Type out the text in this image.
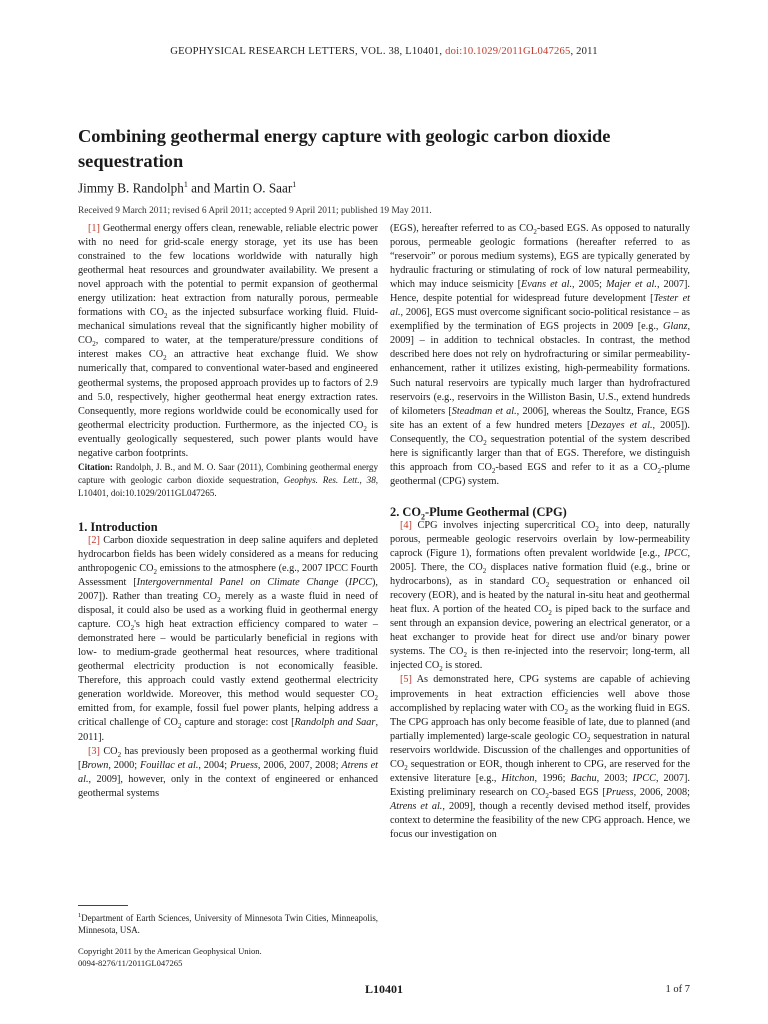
GEOPHYSICAL RESEARCH LETTERS, VOL. 38, L10401, doi:10.1029/2011GL047265, 2011
Combining geothermal energy capture with geologic carbon dioxide sequestration

Jimmy B. Randolph$^1$ and Martin O. Saar$^1$

Received 9 March 2011; revised 6 April 2011; accepted 9 April 2011; published 19 May 2011.

[1] Geothermal energy offers clean, renewable, reliable electric power with no need for grid-scale energy storage, yet its use has been constrained to the few locations worldwide with naturally high geothermal heat resources and groundwater availability. We present a novel approach with the potential to permit expansion of geothermal energy utilization: heat extraction from naturally porous, permeable formations with $CO_2$ as the injected subsurface working fluid. Fluid-mechanical simulations reveal that the significantly higher mobility of $CO_2$, compared to water, at the temperature/pressure conditions of interest makes $CO_2$ an attractive heat exchange fluid. We show numerically that, compared to conventional water-based and engineered geothermal systems, the proposed approach provides up to factors of 2.9 and 5.0, respectively, higher geothermal heat energy extraction rates. Consequently, more regions worldwide could be economically used for geothermal electricity production. Furthermore, as the injected $CO_2$ is eventually geologically sequestered, such power plants would have negative carbon footprints.

Citation: Randolph, J. B., and M. O. Saar (2011), Combining geothermal energy capture with geologic carbon dioxide sequestration, Geophys. Res. Lett., 38, L10401, doi:10.1029/2011GL047265.

1. Introduction

[2] Carbon dioxide sequestration in deep saline aquifers and depleted hydrocarbon fields has been widely considered as a means for reducing anthropogenic $CO_2$ emissions to the atmosphere (e.g., 2007 IPCC Fourth Assessment [Intergovernmental Panel on Climate Change (IPCC), 2007]). Rather than treating $CO_2$ merely as a waste fluid in need of disposal, it could also be used as a working fluid in geothermal energy capture. $CO_2's$ high heat extraction efficiency compared to water – demonstrated here – would be particularly beneficial in regions with low- to medium-grade geothermal heat resources, where traditional geothermal electricity production is not economically feasible. Therefore, this approach could vastly extend geothermal electricity generation worldwide. Moreover, this method would sequester $CO_2$ emitted from, for example, fossil fuel power plants, helping address a critical challenge of $CO_2$ capture and storage: cost [Randolph and Saar, 2011].

[3] $CO_2$ has previously been proposed as a geothermal working fluid [Brown, 2000; Fouillac et al., 2004; Pruess, 2006, 2007, 2008; Atrens et al., 2009], however, only in the context of engineered or enhanced geothermal systems

(EGS), hereafter referred to as $CO_2$-based EGS. As opposed to naturally porous, permeable geologic formations (hereafter referred to as “reservoir” or porous medium systems), EGS are typically generated by hydraulic fracturing or stimulating of rock of low natural permeability, which may induce seismicity [Evans et al., 2005; Majer et al., 2007]. Hence, despite potential for widespread future development [Tester et al., 2006], EGS must overcome significant socio-political resistance – as exemplified by the termination of EGS projects in 2009 [e.g., Glanz, 2009] – in addition to technical obstacles. In contrast, the method described here does not rely on hydrofracturing or similar permeability-enhancement, rather it utilizes existing, high-permeability formations. Such natural reservoirs are typically much larger than hydrofractured reservoirs (e.g., reservoirs in the Williston Basin, U.S., extend hundreds of kilometers [Steadman et al., 2006], whereas the Soultz, France, EGS site has an extent of a few hundred meters [Dezayes et al., 2005]). Consequently, the $CO_2$ sequestration potential of the system described here is significantly larger than that of EGS. Therefore, we distinguish this approach from $CO_2$-based EGS and refer to it as a $CO_2$-plume geothermal (CPG) system.

2. $CO_2$-Plume Geothermal (CPG)

[4] CPG involves injecting supercritical $CO_2$ into deep, naturally porous, permeable geologic reservoirs overlain by low-permeability caprock (Figure 1), formations often prevalent worldwide [e.g., IPCC, 2005]. There, the $CO_2$ displaces native formation fluid (e.g., brine or hydrocarbons), as in standard $CO_2$ sequestration or enhanced oil recovery (EOR), and is heated by the natural in-situ heat and geothermal heat flux. A portion of the heated $CO_2$ is piped back to the surface and sent through an expansion device, powering an electrical generator, or a heat exchanger to provide heat for direct use and/or binary power systems. The $CO_2$ is then re-injected into the reservoir; long-term, all injected $CO_2$ is stored.

[5] As demonstrated here, CPG systems are capable of achieving improvements in heat extraction efficiencies well above those accomplished by replacing water with $CO_2$ as the working fluid in EGS. The CPG approach has only become feasible of late, due to planned (and partially implemented) large-scale geologic $CO_2$ sequestration in natural reservoirs worldwide. Discussion of the challenges and opportunities of $CO_2$ sequestration or EOR, though inherent to CPG, are reserved for the extensive literature [e.g., Hitchon, 1996; Bachu, 2003; IPCC, 2007]. Existing preliminary research on $CO_2$-based EGS [Pruess, 2006, 2008; Atrens et al., 2009], though a recently devised method itself, provides context to determine the feasibility of the new CPG approach. Hence, we focus our investigation on

$^1$Department of Earth Sciences, University of Minnesota Twin Cities, Minneapolis, Minnesota, USA.

Copyright 2011 by the American Geophysical Union.
0094-8276/11/2011GL047265

L10401	1 of 7
